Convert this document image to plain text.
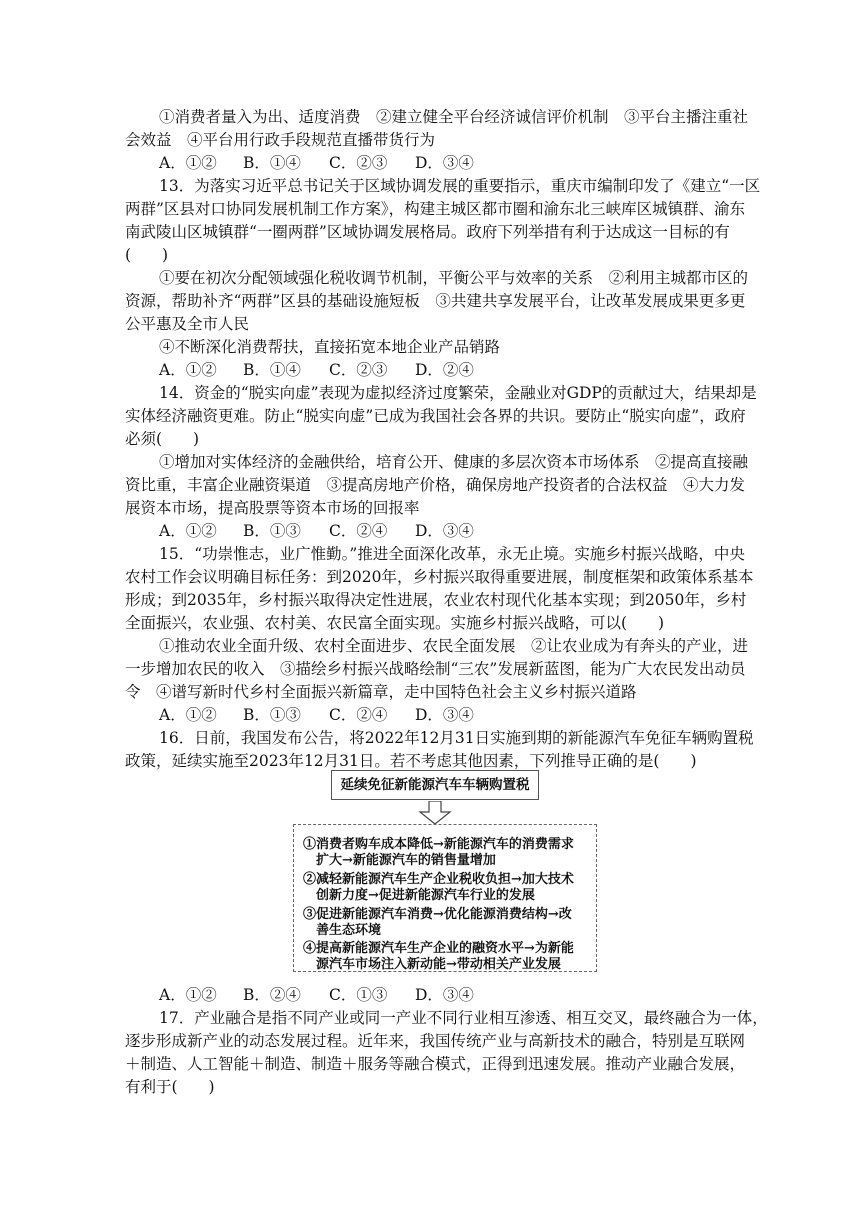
①消费者量入为出、适度消费　②建立健全平台经济诚信评价机制　③平台主播注重社
会效益　④平台用行政手段规范直播带货行为
A．①② B．①④ C．②③ D．③④
13．为落实习近平总书记关于区域协调发展的重要指示，重庆市编制印发了《建立“一区
两群”区县对口协同发展机制工作方案》，构建主城区都市圈和渝东北三峡库区城镇群、渝东
南武陵山区城镇群“一圈两群”区域协调发展格局。政府下列举措有利于达成这一目标的有
(　　)
①要在初次分配领域强化税收调节机制，平衡公平与效率的关系　②利用主城都市区的
资源，帮助补齐“两群”区县的基础设施短板　③共建共享发展平台，让改革发展成果更多更
公平惠及全市人民
④不断深化消费帮扶，直接拓宽本地企业产品销路
A．①② B．①④ C．②③ D．②④
14．资金的“脱实向虚”表现为虚拟经济过度繁荣，金融业对GDP的贡献过大，结果却是
实体经济融资更难。防止“脱实向虚”已成为我国社会各界的共识。要防止“脱实向虚”，政府
必须(　　)
①增加对实体经济的金融供给，培育公开、健康的多层次资本市场体系　②提高直接融
资比重，丰富企业融资渠道　③提高房地产价格，确保房地产投资者的合法权益　④大力发
展资本市场，提高股票等资本市场的回报率
A．①② B．①③ C．②④ D．③④
15．“功崇惟志，业广惟勤。”推进全面深化改革，永无止境。实施乡村振兴战略，中央
农村工作会议明确目标任务：到2020年，乡村振兴取得重要进展，制度框架和政策体系基本
形成；到2035年，乡村振兴取得决定性进展，农业农村现代化基本实现；到2050年，乡村
全面振兴，农业强、农村美、农民富全面实现。实施乡村振兴战略，可以(　　)
①推动农业全面升级、农村全面进步、农民全面发展　②让农业成为有奔头的产业，进
一步增加农民的收入　③描绘乡村振兴战略绘制“三农”发展新蓝图，能为广大农民发出动员
令　④谱写新时代乡村全面振兴新篇章，走中国特色社会主义乡村振兴道路
A．①② B．①③ C．②④ D．③④
16．日前，我国发布公告，将2022年12月31日实施到期的新能源汽车免征车辆购置税
政策，延续实施至2023年12月31日。若不考虑其他因素，下列推导正确的是(　　)
延续免征新能源汽车车辆购置税
①消费者购车成本降低→新能源汽车的消费需求
　扩大→新能源汽车的销售量增加
②减轻新能源汽车生产企业税收负担→加大技术
　创新力度→促进新能源汽车行业的发展
③促进新能源汽车消费→优化能源消费结构→改
　善生态环境
④提高新能源汽车生产企业的融资水平→为新能
　源汽车市场注入新动能→带动相关产业发展
A．①② B．②④ C．①③ D．③④
17．产业融合是指不同产业或同一产业不同行业相互渗透、相互交叉，最终融合为一体，
逐步形成新产业的动态发展过程。近年来，我国传统产业与高新技术的融合，特别是互联网
＋制造、人工智能＋制造、制造＋服务等融合模式，正得到迅速发展。推动产业融合发展，
有利于(　　)
